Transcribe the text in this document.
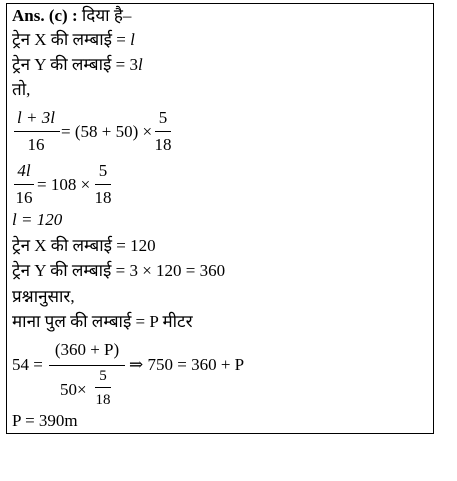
Ans. (c) : दिया है–
ट्रेन X की लम्बाई = l
ट्रेन Y की लम्बाई = 3l
तो,
l + 3l
16
= (58 + 50) ×
5
18
4l
16
= 108 ×
5
18
l = 120
ट्रेन X की लम्बाई = 120
ट्रेन Y की लम्बाई = 3 × 120 = 360
प्रश्नानुसार,
माना पुल की लम्बाई = P मीटर
54 =
(360 + P)
50×
5
18
⇒ 750 = 360 + P
P = 390m
